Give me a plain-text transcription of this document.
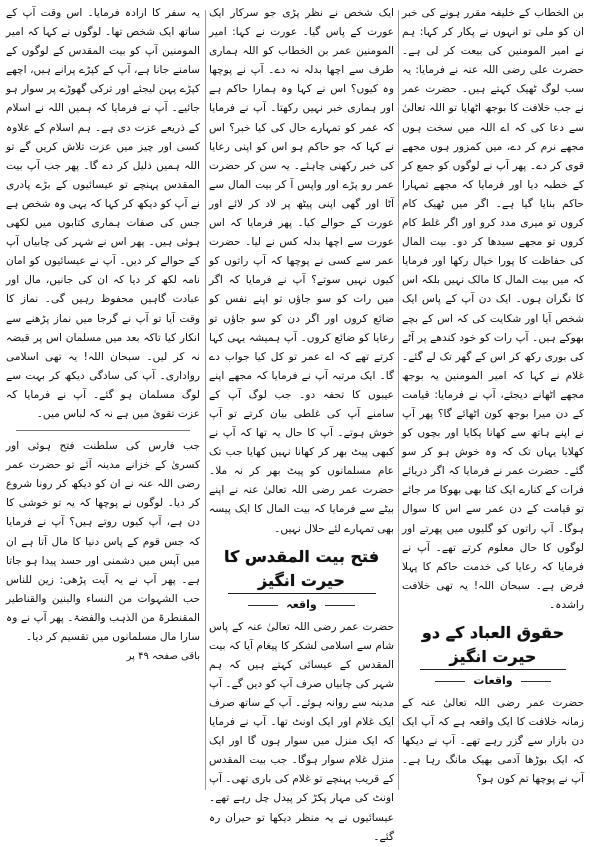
بن الخطاب کے خلیفہ مقرر ہونے کی خبر ان کو ملی تو انہوں نے پکار کر کہا: ہم نے امیر المومنین کی بیعت کر لی ہے۔ حضرت علی رضی اللہ عنہ نے فرمایا: یہ سب لوگ ٹھیک کہتے ہیں۔ حضرت عمر نے جب خلافت کا بوجھ اٹھایا تو اللہ تعالیٰ سے دعا کی کہ اے اللہ میں سخت ہوں مجھے نرم کر دے، میں کمزور ہوں مجھے قوی کر دے۔ پھر آپ نے لوگوں کو جمع کر کے خطبہ دیا اور فرمایا کہ مجھے تمہارا حاکم بنایا گیا ہے۔ اگر میں ٹھیک کام کروں تو میری مدد کرو اور اگر غلط کام کروں تو مجھے سیدھا کر دو۔ بیت المال کی حفاظت کا پورا خیال رکھا اور فرمایا کہ میں بیت المال کا مالک نہیں بلکہ اس کا نگران ہوں۔ ایک دن آپ کے پاس ایک شخص آیا اور شکایت کی کہ اس کے بچے بھوکے ہیں۔ آپ رات کو خود کندھے پر آٹے کی بوری رکھ کر اس کے گھر تک لے گئے۔ غلام نے کہا کہ امیر المومنین یہ بوجھ مجھے اٹھانے دیجئے، آپ نے فرمایا: قیامت کے دن میرا بوجھ کون اٹھائے گا؟ پھر آپ نے اپنے ہاتھ سے کھانا پکایا اور بچوں کو کھلایا یہاں تک کہ وہ خوش ہو کر سو گئے۔ حضرت عمر نے فرمایا کہ اگر دریائے فرات کے کنارے ایک کتا بھی بھوکا مر جائے تو قیامت کے دن عمر سے اس کا سوال ہوگا۔ آپ راتوں کو گلیوں میں پھرتے اور لوگوں کا حال معلوم کرتے تھے۔ آپ نے فرمایا کہ رعایا کی خدمت حاکم کا پہلا فرض ہے۔ سبحان اللہ! یہ تھی خلافت راشدہ۔

حقوق العباد کے دو حیرت انگیز
واقعات

حضرت عمر رضی اللہ تعالیٰ عنہ کے زمانہ خلافت کا ایک واقعہ ہے کہ آپ ایک دن بازار سے گزر رہے تھے۔ آپ نے دیکھا کہ ایک بوڑھا آدمی بھیک مانگ رہا ہے۔ آپ نے پوچھا تم کون ہو؟

ایک شخص نے نظر پڑی جو سرکار ایک عورت کے پاس گیا۔ عورت نے کہا: امیر المومنین عمر بن الخطاب کو اللہ ہماری طرف سے اچھا بدلہ نہ دے۔ آپ نے پوچھا وہ کیوں؟ اس نے کہا وہ ہمارا حاکم ہے اور ہماری خبر نہیں رکھتا۔ آپ نے فرمایا کہ عمر کو تمہارے حال کی کیا خبر؟ اس نے کہا کہ جو حاکم ہو اس کو اپنی رعایا کی خبر رکھنی چاہئے۔ یہ سن کر حضرت عمر رو پڑے اور واپس آ کر بیت المال سے آٹا اور گھی اپنی پیٹھ پر لاد کر لائے اور عورت کے حوالے کیا۔ پھر فرمایا کہ اس عورت سے اچھا بدلہ کس نے لیا۔ حضرت عمر سے کسی نے پوچھا کہ آپ راتوں کو کیوں نہیں سوتے؟ آپ نے فرمایا کہ اگر میں رات کو سو جاؤں تو اپنے نفس کو ضائع کروں اور اگر دن کو سو جاؤں تو رعایا کو ضائع کروں۔ آپ ہمیشہ یہی کہا کرتے تھے کہ اے عمر تو کل کیا جواب دے گا۔ ایک مرتبہ آپ نے فرمایا کہ مجھے اپنے عیبوں کا تحفہ دو۔ جب لوگ آپ کے سامنے آپ کی غلطی بیان کرتے تو آپ خوش ہوتے۔ آپ کا حال یہ تھا کہ آپ نے کبھی پیٹ بھر کر کھانا نہیں کھایا جب تک عام مسلمانوں کو پیٹ بھر کر نہ ملا۔ حضرت عمر رضی اللہ تعالیٰ عنہ نے اپنے بیٹے سے فرمایا کہ بیت المال کا ایک پیسہ بھی تمہارے لئے حلال نہیں۔

فتح بیت المقدس کا حیرت انگیز
واقعہ

حضرت عمر رضی اللہ تعالیٰ عنہ کے پاس شام سے اسلامی لشکر کا پیغام آیا کہ بیت المقدس کے عیسائی کہتے ہیں کہ ہم شہر کی چابیاں صرف آپ کو دیں گے۔ آپ مدینہ سے روانہ ہوئے۔ آپ کے ساتھ صرف ایک غلام اور ایک اونٹ تھا۔ آپ نے فرمایا کہ ایک منزل میں سوار ہوں گا اور ایک منزل غلام سوار ہوگا۔ جب بیت المقدس کے قریب پہنچے تو غلام کی باری تھی۔ آپ اونٹ کی مہار پکڑ کر پیدل چل رہے تھے۔ عیسائیوں نے یہ منظر دیکھا تو حیران رہ گئے۔

یہ سفر کا ارادہ فرمایا۔ اس وقت آپ کے ساتھ ایک شخص تھا۔ لوگوں نے کہا کہ امیر المومنین آپ کو بیت المقدس کے لوگوں کے سامنے جانا ہے، آپ کے کپڑے پرانے ہیں، اچھے کپڑے پہن لیجئے اور ترکی گھوڑے پر سوار ہو جائیے۔ آپ نے فرمایا کہ ہمیں اللہ نے اسلام کے ذریعے عزت دی ہے۔ ہم اسلام کے علاوہ کسی اور چیز میں عزت تلاش کریں گے تو اللہ ہمیں ذلیل کر دے گا۔ پھر جب آپ بیت المقدس پہنچے تو عیسائیوں کے بڑے پادری نے آپ کو دیکھ کر کہا کہ یہی وہ شخص ہے جس کی صفات ہماری کتابوں میں لکھی ہوئی ہیں۔ پھر اس نے شہر کی چابیاں آپ کے حوالے کر دیں۔ آپ نے عیسائیوں کو امان نامہ لکھ کر دیا کہ ان کی جانیں، مال اور عبادت گاہیں محفوظ رہیں گی۔ نماز کا وقت آیا تو آپ نے گرجا میں نماز پڑھنے سے انکار کیا تاکہ بعد میں مسلمان اس پر قبضہ نہ کر لیں۔ سبحان اللہ! یہ تھی اسلامی رواداری۔ آپ کی سادگی دیکھ کر بہت سے لوگ مسلمان ہو گئے۔ آپ نے فرمایا کہ عزت تقویٰ میں ہے نہ کہ لباس میں۔

جب فارس کی سلطنت فتح ہوئی اور کسریٰ کے خزانے مدینہ آئے تو حضرت عمر رضی اللہ عنہ نے ان کو دیکھ کر رونا شروع کر دیا۔ لوگوں نے پوچھا کہ یہ تو خوشی کا دن ہے، آپ کیوں روتے ہیں؟ آپ نے فرمایا کہ جس قوم کے پاس دنیا کا مال آتا ہے ان میں آپس میں دشمنی اور حسد پیدا ہو جاتا ہے۔ پھر آپ نے یہ آیت پڑھی: زین للناس حب الشہوات من النساء والبنین والقناطیر المقنطرۃ من الذہب والفضۃ۔ پھر آپ نے وہ سارا مال مسلمانوں میں تقسیم کر دیا۔

باقی صفحہ ۴۹ پر
